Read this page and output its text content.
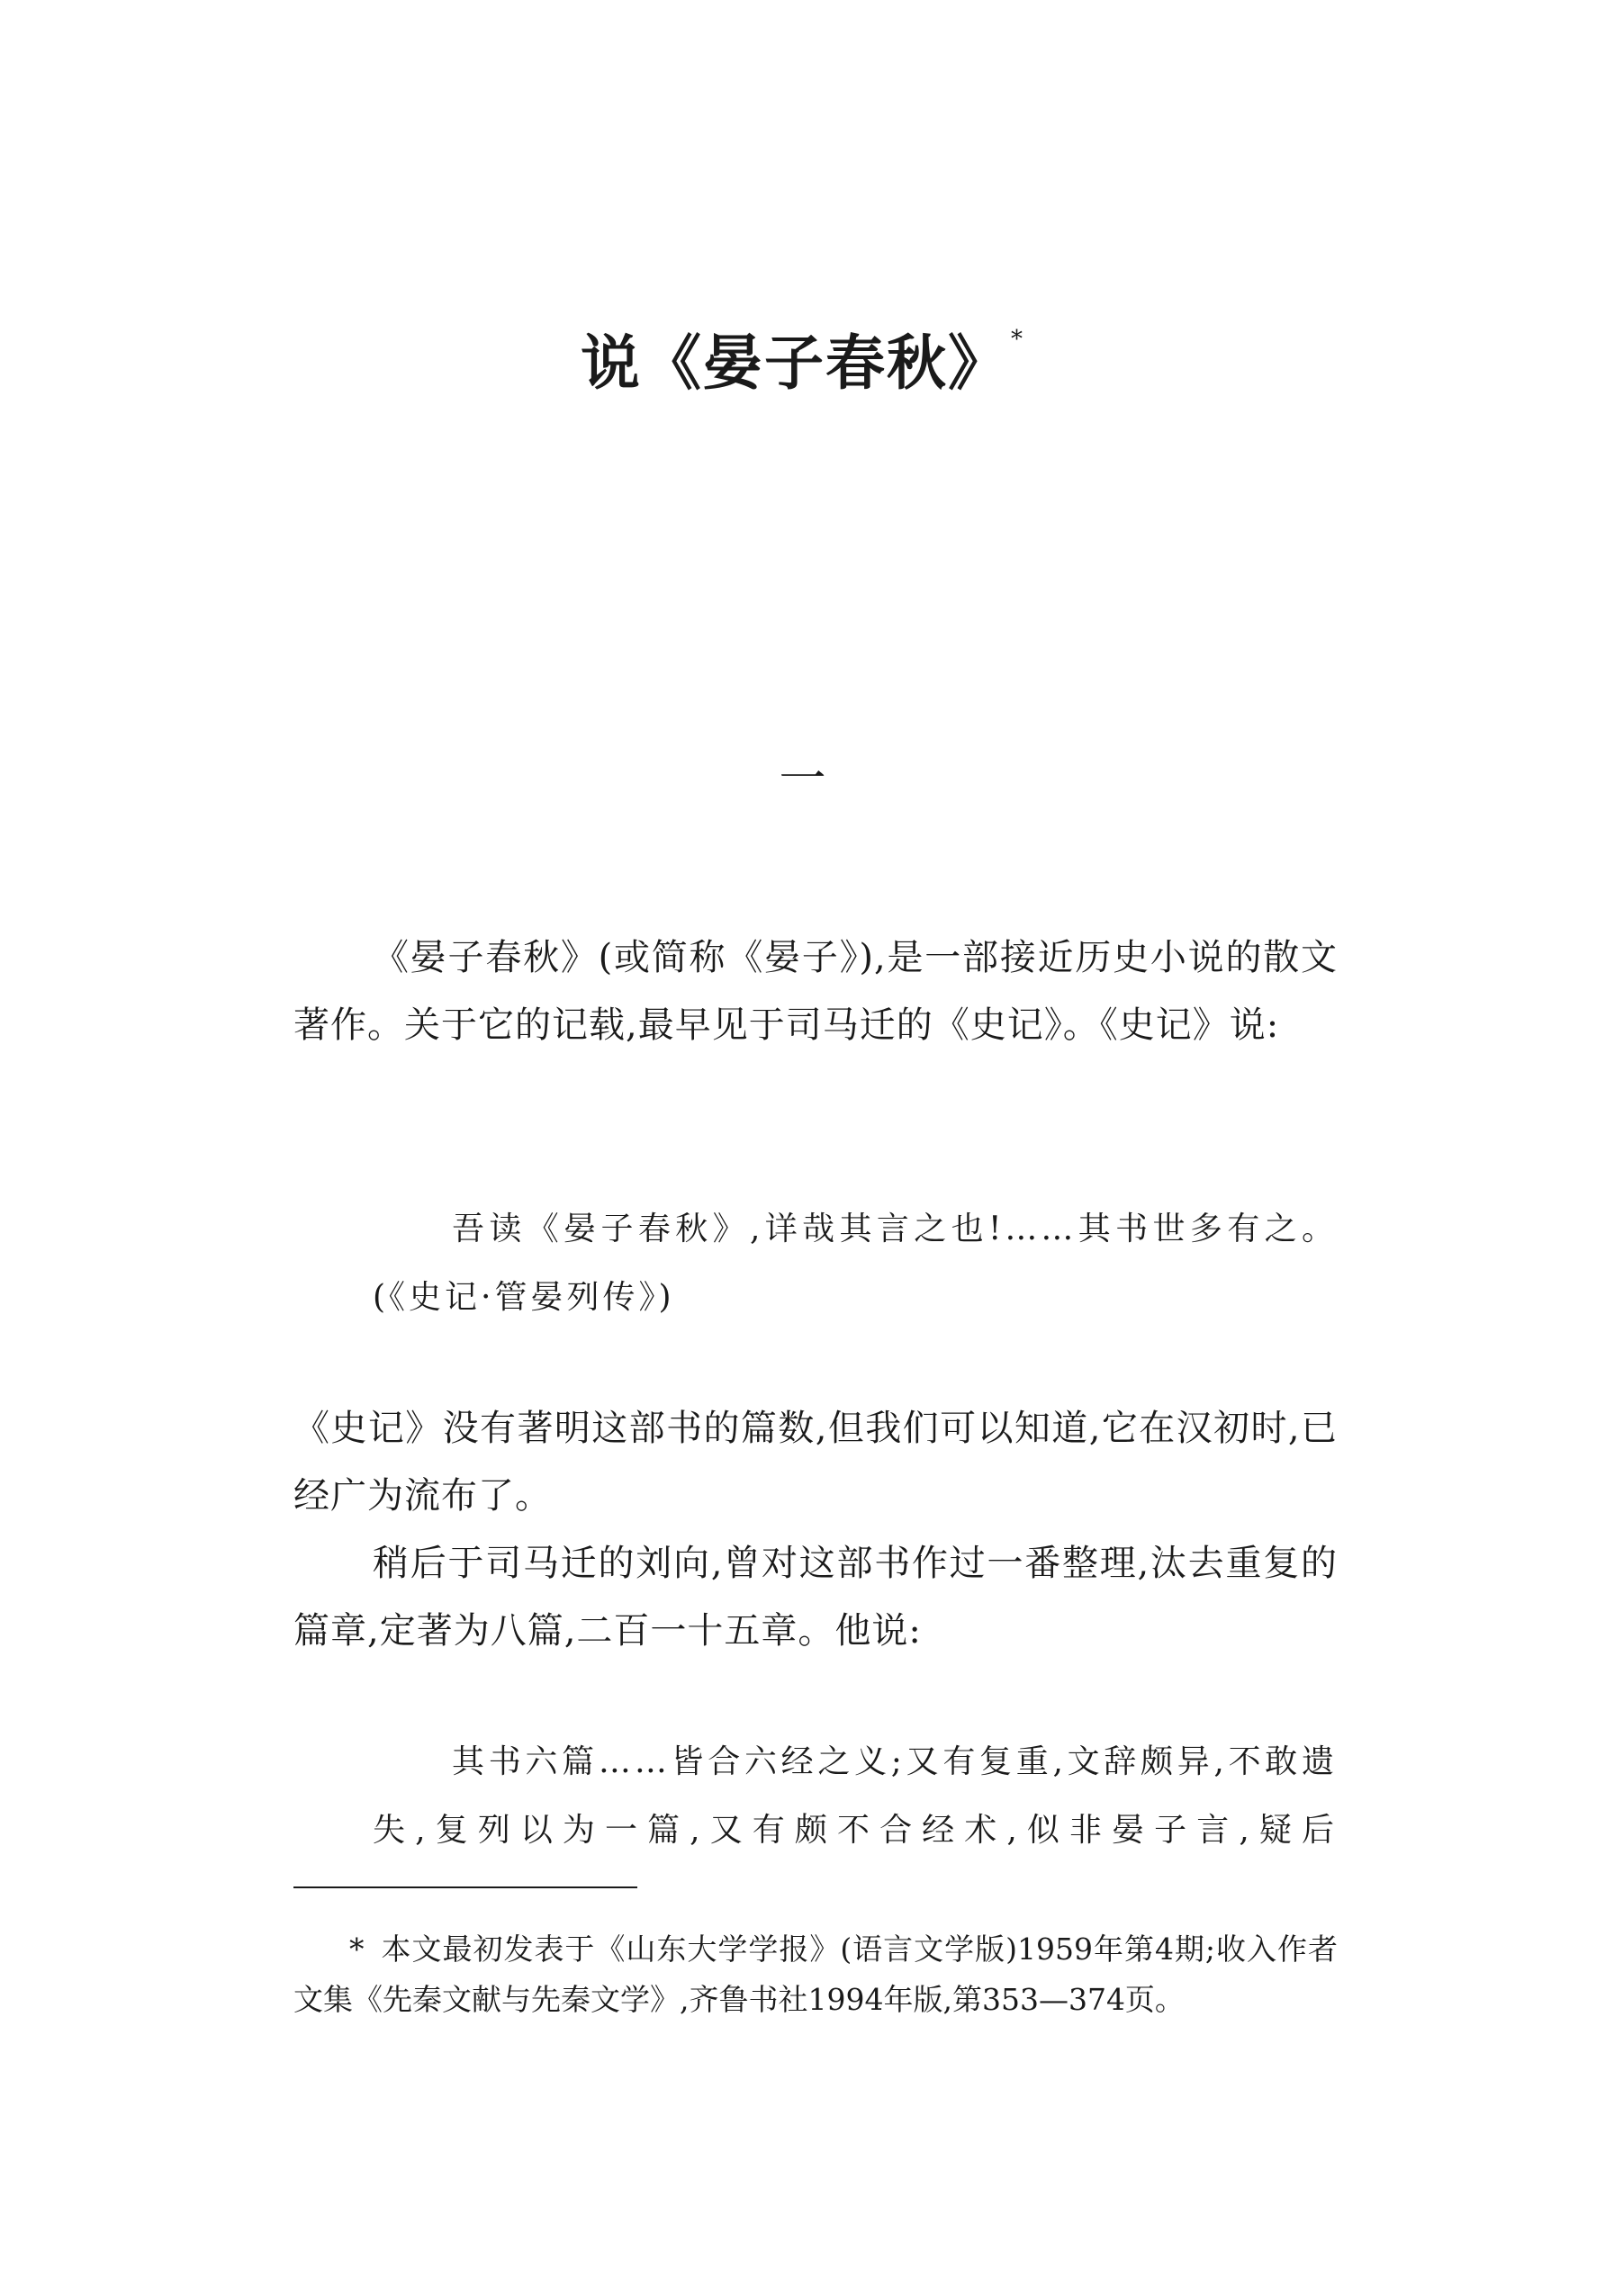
说《晏子春秋》*
一

《晏子春秋》(或简称《晏子》),是一部接近历史小说的散文著作。关于它的记载,最早见于司马迁的《史记》。《史记》说:

吾读《晏子春秋》,详哉其言之也!……其书世多有之。(《史记·管晏列传》)

《史记》没有著明这部书的篇数,但我们可以知道,它在汉初时,已经广为流布了。

稍后于司马迁的刘向,曾对这部书作过一番整理,汰去重复的篇章,定著为八篇,二百一十五章。他说:

其书六篇……皆合六经之义;又有复重,文辞颇异,不敢遗失,复列以为一篇,又有颇不合经术,似非晏子言,疑后

* 本文最初发表于《山东大学学报》(语言文学版)1959年第4期;收入作者文集《先秦文献与先秦文学》,齐鲁书社1994年版,第353—374页。
